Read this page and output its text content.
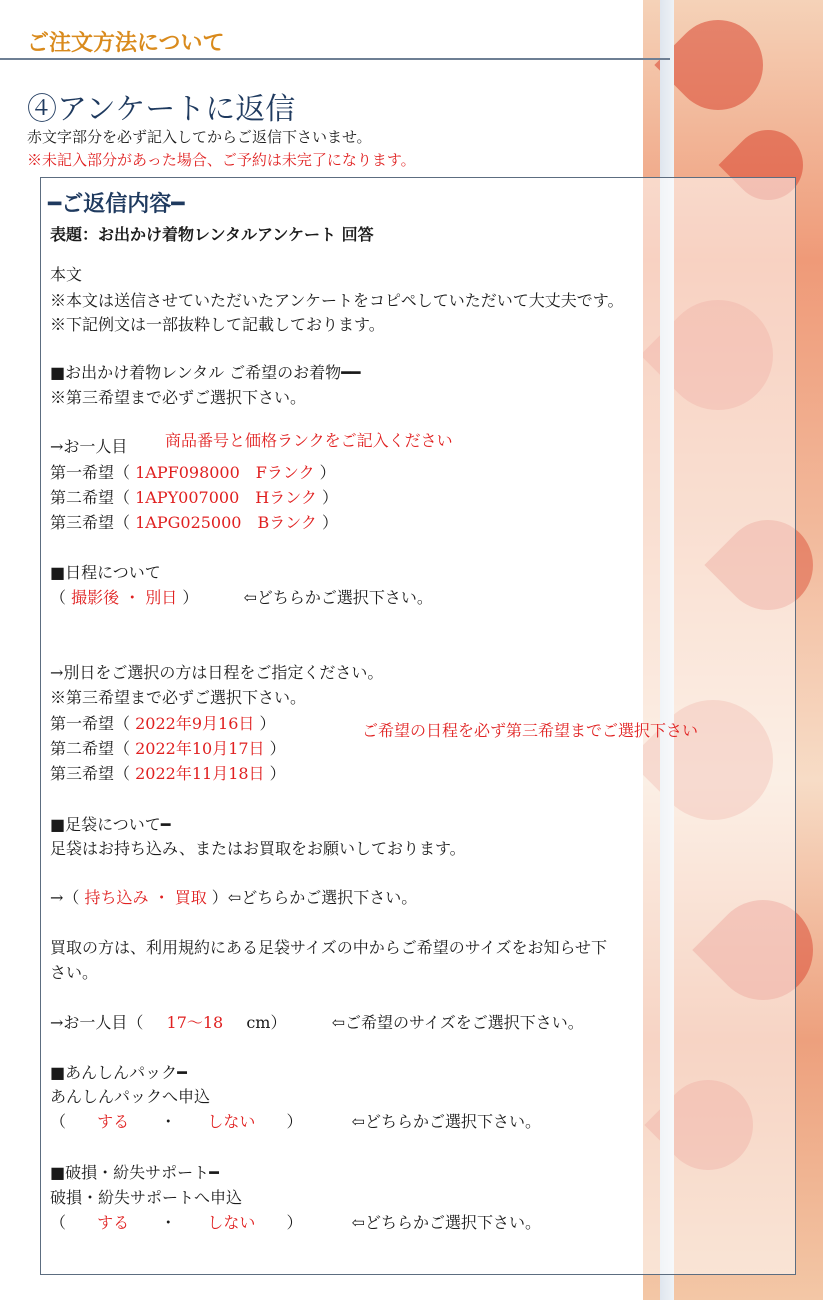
ご注文方法について
④アンケートに返信
赤文字部分を必ず記入してからご返信下さいませ。
※未記入部分があった場合、ご予約は未完了になります。
━ご返信内容━
表題：お出かけ着物レンタルアンケート 回答
本文
※本文は送信させていただいたアンケートをコピペしていただいて大丈夫です。
※下記例文は一部抜粋して記載しております。
■お出かけ着物レンタル ご希望のお着物━━
※第三希望まで必ずご選択下さい。
→お一人目 商品番号と価格ランクをご記入ください
第一希望（ 1APF098000　Fランク ）
第二希望（ 1APY007000　Hランク ）
第三希望（ 1APG025000　Bランク ）
■日程について
（ 撮影後 ・ 別日 ）	⇦どちらかご選択下さい。
→別日をご選択の方は日程をご指定ください。
※第三希望まで必ずご選択下さい。
第一希望（ 2022年9月16日 ）
第二希望（ 2022年10月17日 ）
第三希望（ 2022年11月18日 ）
ご希望の日程を必ず第三希望までご選択下さい
■足袋について━
足袋はお持ち込み、またはお買取をお願いしております。
→（ 持ち込み ・ 買取 ）⇦どちらかご選択下さい。
買取の方は、利用規約にある足袋サイズの中からご希望のサイズをお知らせ下
さい。
→お一人目（ 17～18 cm）	⇦ご希望のサイズをご選択下さい。
■あんしんパック━
あんしんパックへ申込
（ する ・ しない ）	⇦どちらかご選択下さい。
■破損・紛失サポート━
破損・紛失サポートへ申込
（ する ・ しない ）	⇦どちらかご選択下さい。
